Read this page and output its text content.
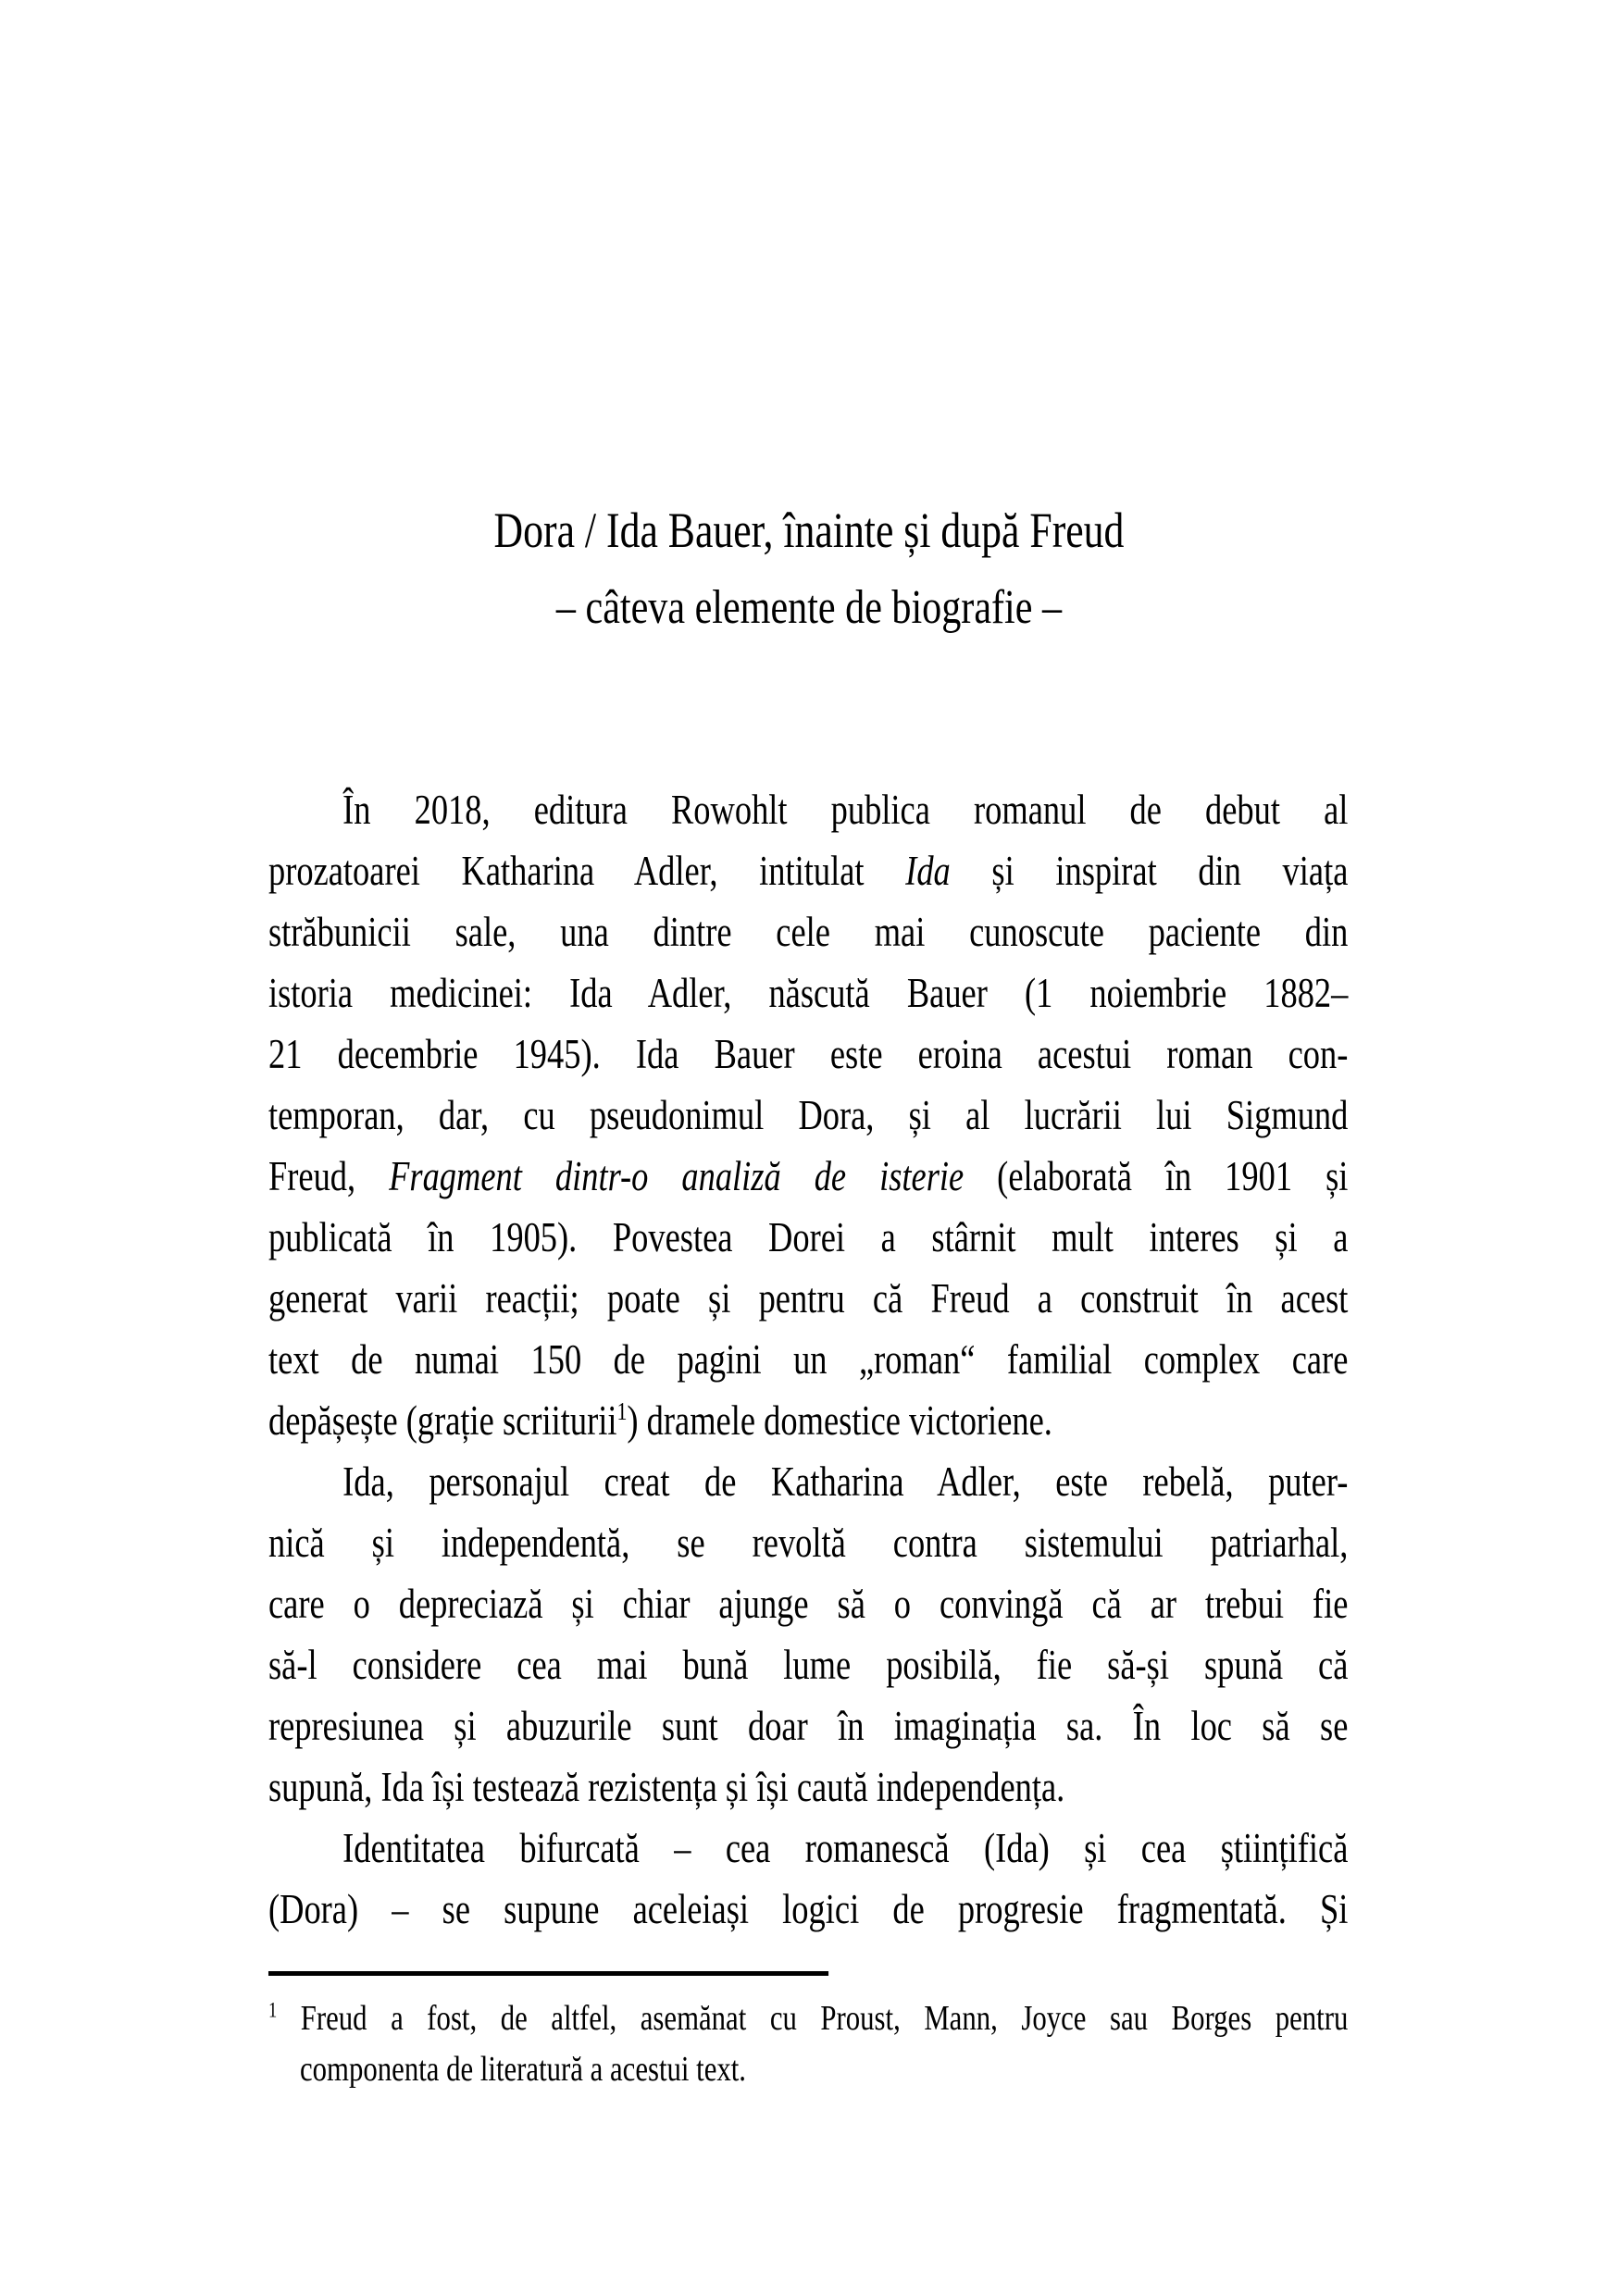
Dora / Ida Bauer, înainte și după Freud
– câteva elemente de biografie –
În 2018, editura Rowohlt publica romanul de debut al
prozatoarei Katharina Adler, intitulat Ida și inspirat din viața
străbunicii sale, una dintre cele mai cunoscute paciente din
istoria medicinei: Ida Adler, născută Bauer (1 noiembrie 1882–
21 decembrie 1945). Ida Bauer este eroina acestui roman con-
temporan, dar, cu pseudonimul Dora, și al lucrării lui Sigmund
Freud, Fragment dintr-o analiză de isterie (elaborată în 1901 și
publicată în 1905). Povestea Dorei a stârnit mult interes și a
generat varii reacții; poate și pentru că Freud a construit în acest
text de numai 150 de pagini un „roman“ familial complex care
depășește (grație scriiturii$^1$) dramele domestice victoriene.
Ida, personajul creat de Katharina Adler, este rebelă, puter-
nică și independentă, se revoltă contra sistemului patriarhal,
care o depreciază și chiar ajunge să o convingă că ar trebui fie
să-l considere cea mai bună lume posibilă, fie să-și spună că
represiunea și abuzurile sunt doar în imaginația sa. În loc să se
supună, Ida își testează rezistența și își caută independența.
Identitatea bifurcată – cea romanescă (Ida) și cea științifică
(Dora) – se supune aceleiași logici de progresie fragmentată. Și
$^1$ Freud a fost, de altfel, asemănat cu Proust, Mann, Joyce sau Borges pentru
componenta de literatură a acestui text.
